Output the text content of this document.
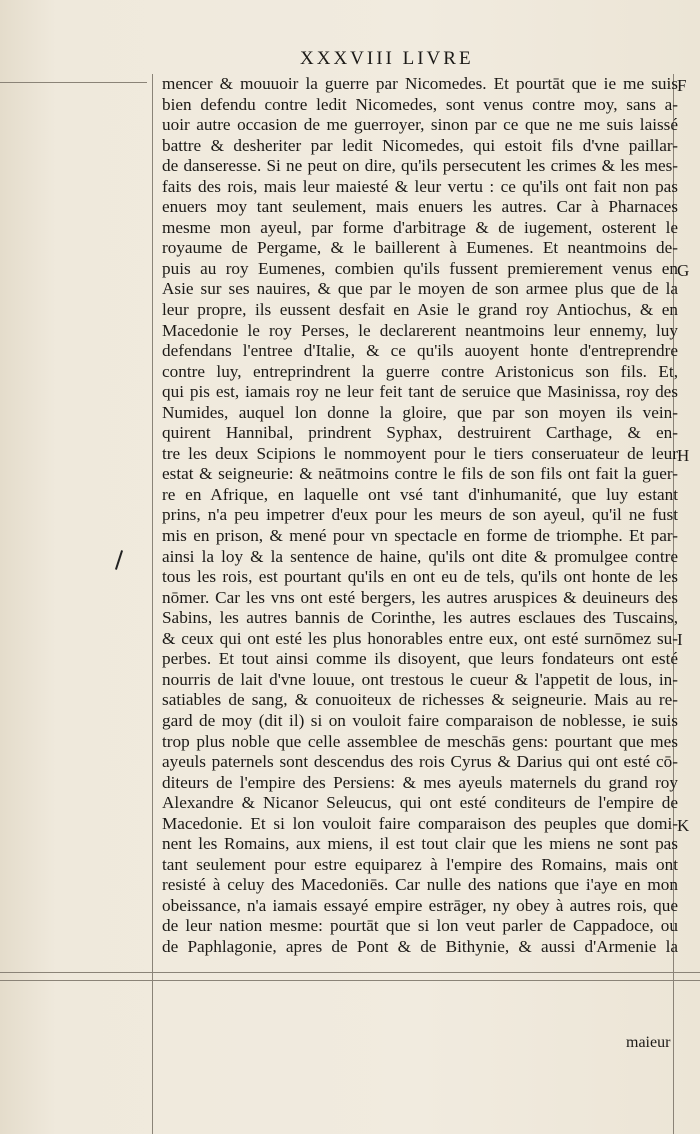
XXXVIII LIVRE
F
G
H
I
K
mencer & mouuoir la guerre par Nicomedes. Et pourtāt que ie me suis
bien defendu contre ledit Nicomedes, sont venus contre moy, sans a-
uoir autre occasion de me guerroyer, sinon par ce que ne me suis laissé
battre & desheriter par ledit Nicomedes, qui estoit fils d'vne paillar-
de danseresse. Si ne peut on dire, qu'ils persecutent les crimes & les mes-
faits des rois, mais leur maiesté & leur vertu : ce qu'ils ont fait non pas
enuers moy tant seulement, mais enuers les autres. Car à Pharnaces
mesme mon ayeul, par forme d'arbitrage & de iugement, osterent le
royaume de Pergame, & le baillerent à Eumenes. Et neantmoins de-
puis au roy Eumenes, combien qu'ils fussent premierement venus en
Asie sur ses nauires, & que par le moyen de son armee plus que de la
leur propre, ils eussent desfait en Asie le grand roy Antiochus, & en
Macedonie le roy Perses, le declarerent neantmoins leur ennemy, luy
defendans l'entree d'Italie, & ce qu'ils auoyent honte d'entreprendre
contre luy, entreprindrent la guerre contre Aristonicus son fils. Et,
qui pis est, iamais roy ne leur feit tant de seruice que Masinissa, roy des
Numides, auquel lon donne la gloire, que par son moyen ils vein-
quirent Hannibal, prindrent Syphax, destruirent Carthage, & en-
tre les deux Scipions le nommoyent pour le tiers conseruateur de leur
estat & seigneurie: & neātmoins contre le fils de son fils ont fait la guer-
re en Afrique, en laquelle ont vsé tant d'inhumanité, que luy estant
prins, n'a peu impetrer d'eux pour les meurs de son ayeul, qu'il ne fust
mis en prison, & mené pour vn spectacle en forme de triomphe. Et par-
ainsi la loy & la sentence de haine, qu'ils ont dite & promulgee contre
tous les rois, est pourtant qu'ils en ont eu de tels, qu'ils ont honte de les
nōmer. Car les vns ont esté bergers, les autres aruspices & deuineurs des
Sabins, les autres bannis de Corinthe, les autres esclaues des Tuscains,
& ceux qui ont esté les plus honorables entre eux, ont esté surnōmez su-
perbes. Et tout ainsi comme ils disoyent, que leurs fondateurs ont esté
nourris de lait d'vne louue, ont trestous le cueur & l'appetit de lous, in-
satiables de sang, & conuoiteux de richesses & seigneurie. Mais au re-
gard de moy (dit il) si on vouloit faire comparaison de noblesse, ie suis
trop plus noble que celle assemblee de meschās gens: pourtant que mes
ayeuls paternels sont descendus des rois Cyrus & Darius qui ont esté cō-
diteurs de l'empire des Persiens: & mes ayeuls maternels du grand roy
Alexandre & Nicanor Seleucus, qui ont esté conditeurs de l'empire de
Macedonie. Et si lon vouloit faire comparaison des peuples que domi-
nent les Romains, aux miens, il est tout clair que les miens ne sont pas
tant seulement pour estre equiparez à l'empire des Romains, mais ont
resisté à celuy des Macedoniēs. Car nulle des nations que i'aye en mon
obeissance, n'a iamais essayé empire estrāger, ny obey à autres rois, que
de leur nation mesme: pourtāt que si lon veut parler de Cappadoce, ou
de Paphlagonie, apres de Pont & de Bithynie, & aussi d'Armenie la
maieur
